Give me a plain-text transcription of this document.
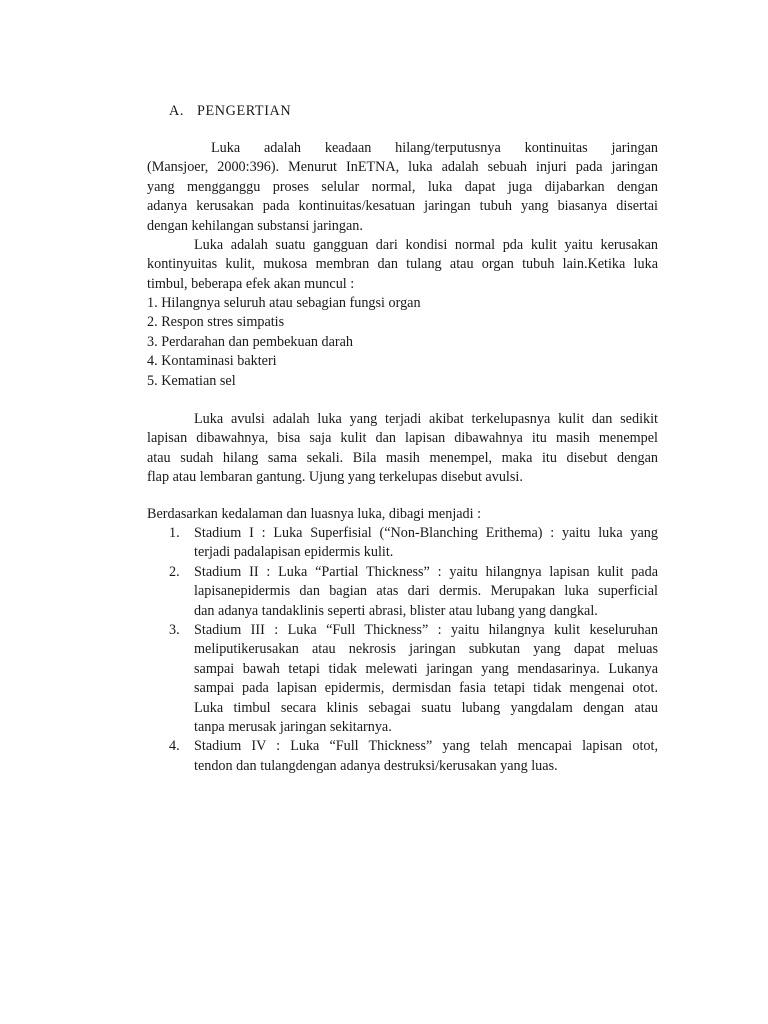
A. PENGERTIAN
Luka adalah keadaan hilang/terputusnya kontinuitas jaringan
(Mansjoer, 2000:396). Menurut InETNA, luka adalah sebuah injuri pada jaringan
yang mengganggu proses selular normal, luka dapat juga dijabarkan dengan
adanya kerusakan pada kontinuitas/kesatuan jaringan tubuh yang biasanya disertai
dengan kehilangan substansi jaringan.
Luka adalah suatu gangguan dari kondisi normal pda kulit yaitu kerusakan
kontinyuitas kulit, mukosa membran dan tulang atau organ tubuh lain.Ketika luka
timbul, beberapa efek akan muncul :
1. Hilangnya seluruh atau sebagian fungsi organ
2. Respon stres simpatis
3. Perdarahan dan pembekuan darah
4. Kontaminasi bakteri
5. Kematian sel
Luka avulsi adalah luka yang terjadi akibat terkelupasnya kulit dan sedikit
lapisan dibawahnya, bisa saja kulit dan lapisan dibawahnya itu masih menempel
atau sudah hilang sama sekali. Bila masih menempel, maka itu disebut dengan
flap atau lembaran gantung. Ujung yang terkelupas disebut avulsi.
Berdasarkan kedalaman dan luasnya luka, dibagi menjadi :
1. Stadium I : Luka Superfisial (“Non-Blanching Erithema) : yaitu luka yang
terjadi padalapisan epidermis kulit.
2. Stadium II : Luka “Partial Thickness” : yaitu hilangnya lapisan kulit pada
lapisanepidermis dan bagian atas dari dermis. Merupakan luka superficial
dan adanya tandaklinis seperti abrasi, blister atau lubang yang dangkal.
3. Stadium III : Luka “Full Thickness” : yaitu hilangnya kulit keseluruhan
meliputikerusakan atau nekrosis jaringan subkutan yang dapat meluas
sampai bawah tetapi tidak melewati jaringan yang mendasarinya. Lukanya
sampai pada lapisan epidermis, dermisdan fasia tetapi tidak mengenai otot.
Luka timbul secara klinis sebagai suatu lubang yangdalam dengan atau
tanpa merusak jaringan sekitarnya.
4. Stadium IV : Luka “Full Thickness” yang telah mencapai lapisan otot,
tendon dan tulangdengan adanya destruksi/kerusakan yang luas.
